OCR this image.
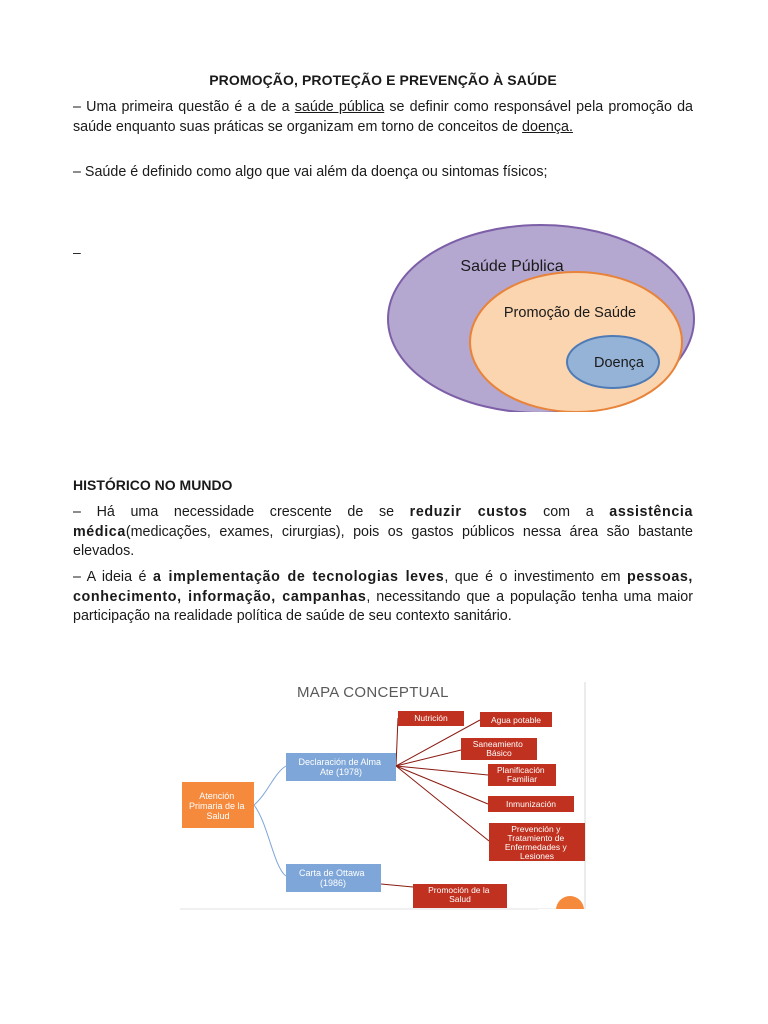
PROMOÇÃO, PROTEÇÃO E PREVENÇÃO À SAÚDE
– Uma primeira questão é a de a saúde pública se definir como responsável pela promoção da saúde enquanto suas práticas se organizam em torno de conceitos de doença.
– Saúde é definido como algo que vai além da doença ou sintomas físicos;
–
Saúde Pública
Promoção de Saúde
Doença
HISTÓRICO NO MUNDO
– Há uma necessidade crescente de se reduzir custos com a assistência médica(medicações, exames, cirurgias), pois os gastos públicos nessa área são bastante elevados.
– A ideia é a implementação de tecnologias leves, que é o investimento em pessoas, conhecimento, informação, campanhas, necessitando que a população tenha uma maior participação na realidade política de saúde de seu contexto sanitário.
MAPA CONCEPTUAL
Atención Primaria de la Salud
Declaración de Alma Ate (1978)
Carta de Ottawa (1986)
Nutrición	Agua potable
Saneamiento Básico
Planificación Familiar
Inmunización
Prevención y Tratamiento de Enfermedades y Lesiones
Promoción de la Salud
